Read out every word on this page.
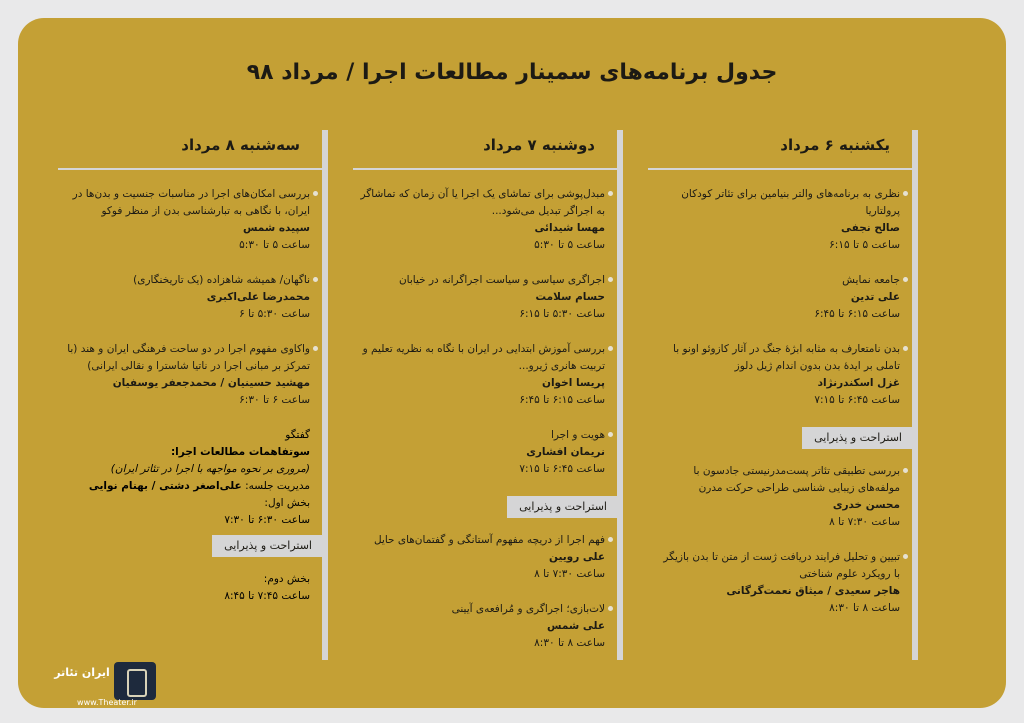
جدول برنامه‌های سمینار مطالعات اجرا / مرداد ۹۸
یکشنبه ۶ مرداد
نظری به برنامه‌های والتر بنیامین برای تئاتر کودکان پرولتاریا
صالح نجفی
ساعت ۵ تا ۶:۱۵
جامعه نمایش
علی تدین
ساعت ۶:۱۵ تا ۶:۴۵
بدن نامتعارف به مثابه ابژۀ جنگ در آثار کازوئو اونو با تاملی بر ایدۀ بدن بدون اندام ژیل دلوز
غزل اسکندرنژاد
ساعت ۶:۴۵ تا ۷:۱۵
استراحت و پذیرایی
بررسی تطبیقی تئاتر پست‌مدرنیستی جادسون با مولفه‌های زیبایی شناسی طراحی حرکت مدرن
محسن خدری
ساعت ۷:۳۰ تا ۸
تبیین و تحلیل فرایند دریافت ژست از متن تا بدن بازیگر با رویکرد علوم شناختی
هاجر سعیدی / میثاق نعمت‌گرگانی
ساعت ۸ تا ۸:۳۰
دوشنبه ۷ مرداد
مبدل‌پوشی برای تماشای یک اجرا یا آن زمان که تماشاگر به اجراگر تبدیل می‌شود...
مهسا شیدائی
ساعت ۵ تا ۵:۳۰
اجراگری سیاسی و سیاست اجراگرانه در خیابان
حسام سلامت
ساعت ۵:۳۰ تا ۶:۱۵
بررسی آموزش ابتدایی در ایران با نگاه به نظریه تعلیم و تربیت هانری ژیرو...
پریسا اخوان
ساعت ۶:۱۵ تا ۶:۴۵
هویت و اجرا
نریمان افشاری
ساعت ۶:۴۵ تا ۷:۱۵
استراحت و پذیرایی
فهم اجرا از دریچه مفهوم آستانگی و گفتمان‌های حایل
علی رویین
ساعت ۷:۳۰ تا ۸
لات‌بازی؛ اجراگری و مُرافعه‌ی آیینی
علی شمس
ساعت ۸ تا ۸:۳۰
سه‌شنبه ۸ مرداد
بررسی امکان‌های اجرا در مناسبات جنسیت و بدن‌ها در ایران، با نگاهی به تبارشناسی بدن از منظر فوکو
سپیده شمس
ساعت ۵ تا ۵:۳۰
ناگهان/ همیشه شاهزاده (یک تاریخنگاری)
محمدرضا علی‌اکبری
ساعت ۵:۳۰ تا ۶
واکاوی مفهوم اجرا در دو ساحت فرهنگی ایران و هند (با تمرکز بر مبانی اجرا در ناتیا شاسترا و نقالی ایرانی)
مهشید حسینیان / محمدجعفر یوسفیان
ساعت ۶ تا ۶:۳۰
گفتگو
سوتفاهمات مطالعات اجرا:
(مروری بر نحوه مواجهه با اجرا در تئاتر ایران)
مدیریت جلسه: علی‌اصغر دشتی / بهنام نوایی
بخش اول:
ساعت ۶:۳۰ تا ۷:۳۰
استراحت و پذیرایی
بخش دوم:
ساعت ۷:۴۵ تا ۸:۴۵
ایران تئاتر
www.Theater.ir
